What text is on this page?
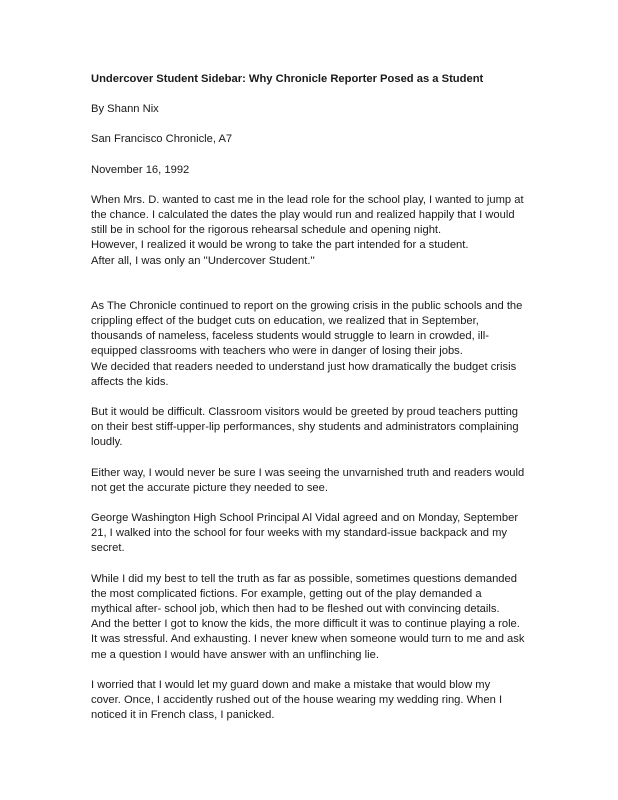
Undercover Student Sidebar: Why Chronicle Reporter Posed as a Student
By Shann Nix
San Francisco Chronicle, A7
November 16, 1992
When Mrs. D. wanted to cast me in the lead role for the school play, I wanted to jump at
the chance. I calculated the dates the play would run and realized happily that I would
still be in school for the rigorous rehearsal schedule and opening night.
However, I realized it would be wrong to take the part intended for a student.
After all, I was only an ''Undercover Student.''
As The Chronicle continued to report on the growing crisis in the public schools and the
crippling effect of the budget cuts on education, we realized that in September,
thousands of nameless, faceless students would struggle to learn in crowded, ill-
equipped classrooms with teachers who were in danger of losing their jobs.
We decided that readers needed to understand just how dramatically the budget crisis
affects the kids.
But it would be difficult. Classroom visitors would be greeted by proud teachers putting
on their best stiff-upper-lip performances, shy students and administrators complaining
loudly.
Either way, I would never be sure I was seeing the unvarnished truth and readers would
not get the accurate picture they needed to see.
George Washington High School Principal Al Vidal agreed and on Monday, September
21, I walked into the school for four weeks with my standard-issue backpack and my
secret.
While I did my best to tell the truth as far as possible, sometimes questions demanded
the most complicated fictions. For example, getting out of the play demanded a
mythical after- school job, which then had to be fleshed out with convincing details.
And the better I got to know the kids, the more difficult it was to continue playing a role.
It was stressful. And exhausting. I never knew when someone would turn to me and ask
me a question I would have answer with an unflinching lie.
I worried that I would let my guard down and make a mistake that would blow my
cover. Once, I accidently rushed out of the house wearing my wedding ring. When I
noticed it in French class, I panicked.
